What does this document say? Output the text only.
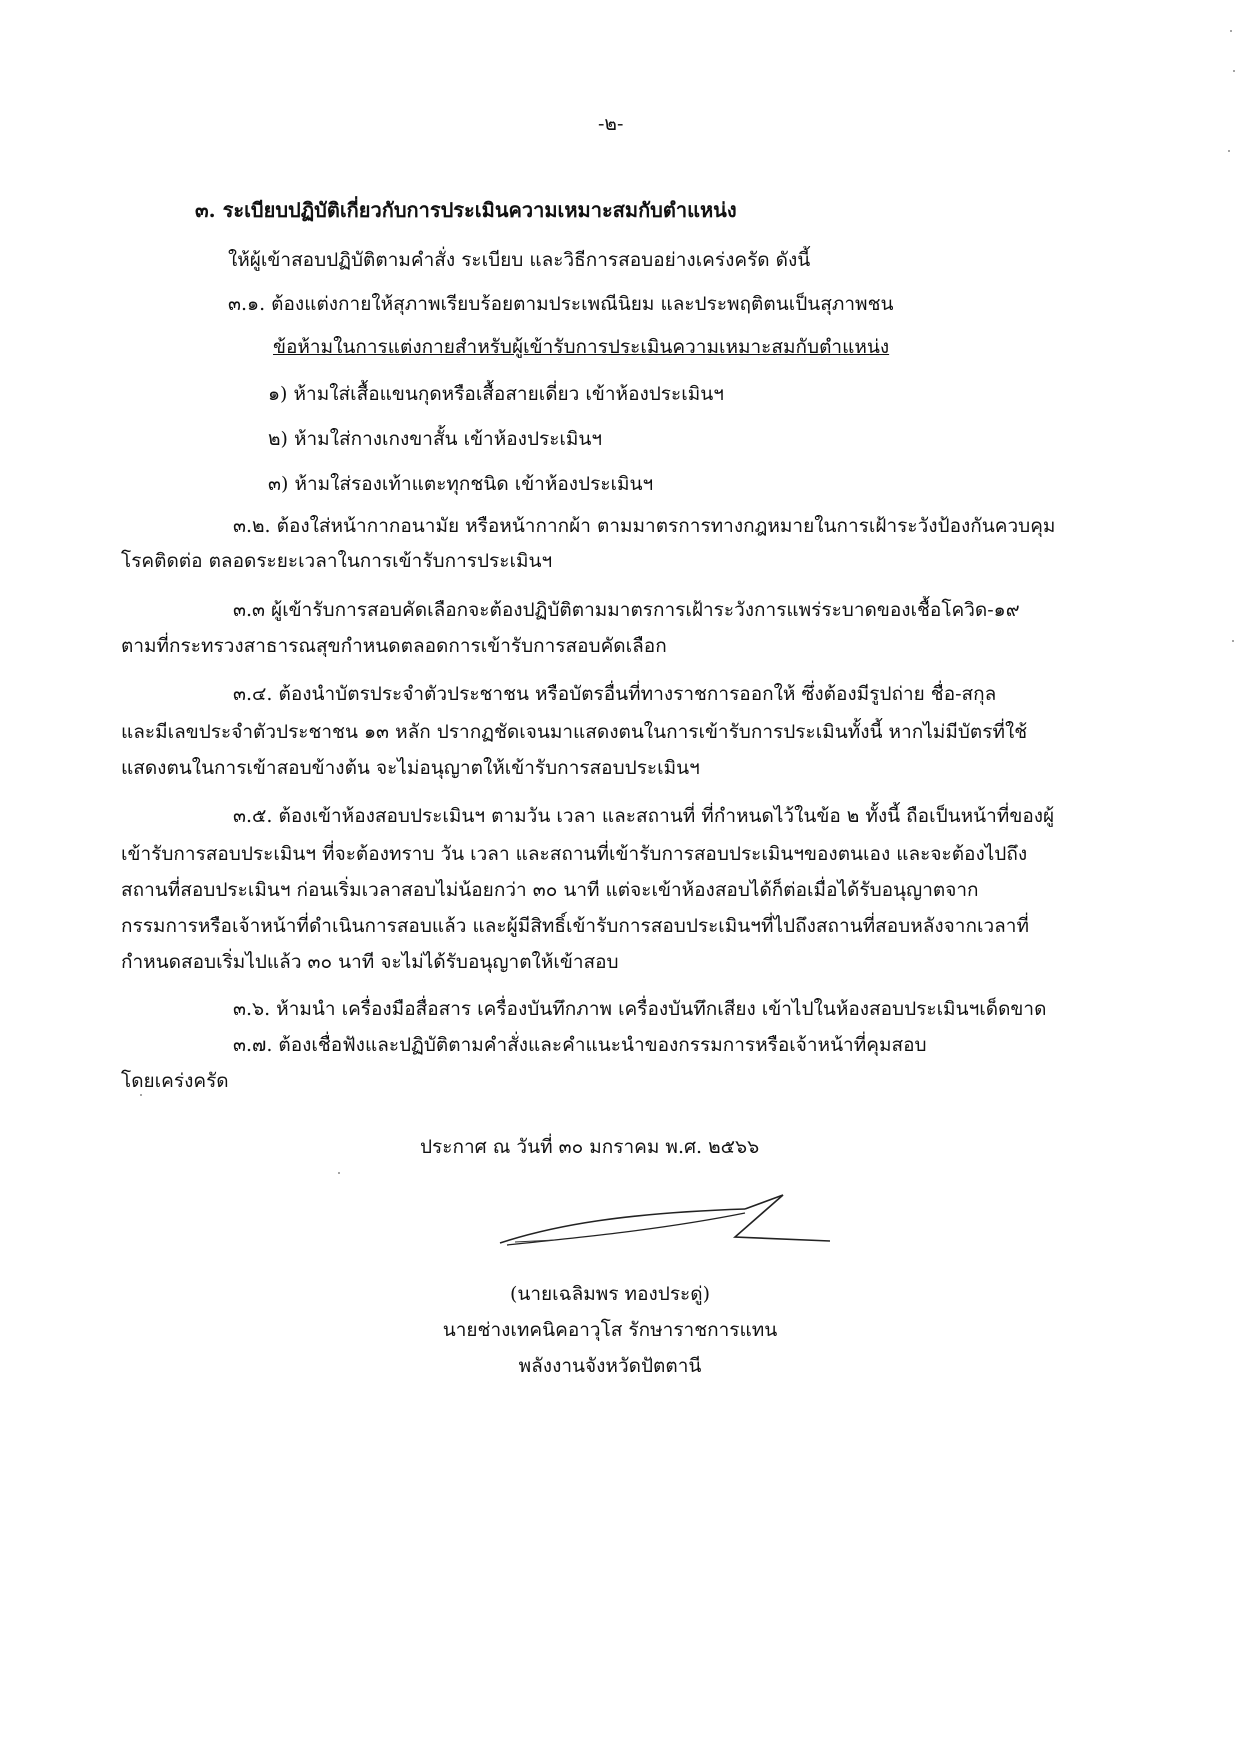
-๒-
๓. ระเบียบปฏิบัติเกี่ยวกับการประเมินความเหมาะสมกับตำแหน่ง
ให้ผู้เข้าสอบปฏิบัติตามคำสั่ง ระเบียบ และวิธีการสอบอย่างเคร่งครัด ดังนี้
๓.๑. ต้องแต่งกายให้สุภาพเรียบร้อยตามประเพณีนิยม และประพฤติตนเป็นสุภาพชน
ข้อห้ามในการแต่งกายสำหรับผู้เข้ารับการประเมินความเหมาะสมกับตำแหน่ง
๑) ห้ามใส่เสื้อแขนกุดหรือเสื้อสายเดี่ยว เข้าห้องประเมินฯ
๒) ห้ามใส่กางเกงขาสั้น เข้าห้องประเมินฯ
๓) ห้ามใส่รองเท้าแตะทุกชนิด เข้าห้องประเมินฯ
๓.๒. ต้องใส่หน้ากากอนามัย หรือหน้ากากผ้า ตามมาตรการทางกฎหมายในการเฝ้าระวังป้องกันควบคุม
โรคติดต่อ ตลอดระยะเวลาในการเข้ารับการประเมินฯ
๓.๓ ผู้เข้ารับการสอบคัดเลือกจะต้องปฏิบัติตามมาตรการเฝ้าระวังการแพร่ระบาดของเชื้อโควิด-๑๙
ตามที่กระทรวงสาธารณสุขกำหนดตลอดการเข้ารับการสอบคัดเลือก
๓.๔. ต้องนำบัตรประจำตัวประชาชน หรือบัตรอื่นที่ทางราชการออกให้ ซึ่งต้องมีรูปถ่าย ชื่อ-สกุล
และมีเลขประจำตัวประชาชน ๑๓ หลัก ปรากฏชัดเจนมาแสดงตนในการเข้ารับการประเมินทั้งนี้ หากไม่มีบัตรที่ใช้
แสดงตนในการเข้าสอบข้างต้น จะไม่อนุญาตให้เข้ารับการสอบประเมินฯ
๓.๕. ต้องเข้าห้องสอบประเมินฯ ตามวัน เวลา และสถานที่ ที่กำหนดไว้ในข้อ ๒ ทั้งนี้ ถือเป็นหน้าที่ของผู้
เข้ารับการสอบประเมินฯ ที่จะต้องทราบ วัน เวลา และสถานที่เข้ารับการสอบประเมินฯของตนเอง และจะต้องไปถึง
สถานที่สอบประเมินฯ ก่อนเริ่มเวลาสอบไม่น้อยกว่า ๓๐ นาที แต่จะเข้าห้องสอบได้ก็ต่อเมื่อได้รับอนุญาตจาก
กรรมการหรือเจ้าหน้าที่ดำเนินการสอบแล้ว และผู้มีสิทธิ์เข้ารับการสอบประเมินฯที่ไปถึงสถานที่สอบหลังจากเวลาที่
กำหนดสอบเริ่มไปแล้ว ๓๐ นาที จะไม่ได้รับอนุญาตให้เข้าสอบ
๓.๖. ห้ามนำ เครื่องมือสื่อสาร เครื่องบันทึกภาพ เครื่องบันทึกเสียง เข้าไปในห้องสอบประเมินฯเด็ดขาด
๓.๗. ต้องเชื่อฟังและปฏิบัติตามคำสั่งและคำแนะนำของกรรมการหรือเจ้าหน้าที่คุมสอบ
โดยเคร่งครัด
ประกาศ ณ วันที่ ๓๐ มกราคม พ.ศ. ๒๕๖๖
(นายเฉลิมพร ทองประดู่)
นายช่างเทคนิคอาวุโส รักษาราชการแทน
พลังงานจังหวัดปัตตานี
